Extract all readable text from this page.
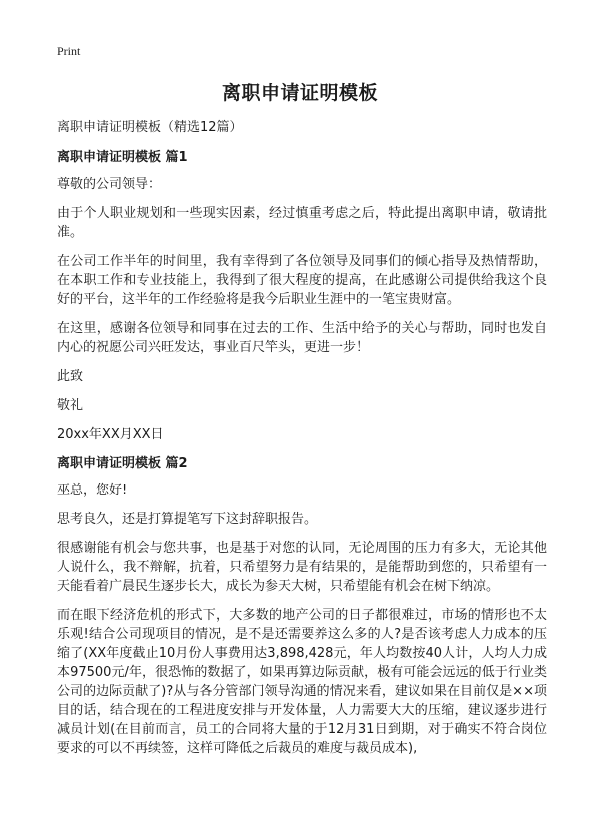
Print
离职申请证明模板

离职申请证明模板（精选12篇）

离职申请证明模板 篇1

尊敬的公司领导：

由于个人职业规划和一些现实因素，经过慎重考虑之后，特此提出离职申请，敬请批准。

在公司工作半年的时间里，我有幸得到了各位领导及同事们的倾心指导及热情帮助，在本职工作和专业技能上，我得到了很大程度的提高，在此感谢公司提供给我这个良好的平台，这半年的工作经验将是我今后职业生涯中的一笔宝贵财富。

在这里，感谢各位领导和同事在过去的工作、生活中给予的关心与帮助，同时也发自内心的祝愿公司兴旺发达，事业百尺竿头，更进一步！

此致

敬礼

20xx年XX月XX日

离职申请证明模板 篇2

巫总，您好!

思考良久，还是打算提笔写下这封辞职报告。

很感谢能有机会与您共事，也是基于对您的认同，无论周围的压力有多大，无论其他人说什么，我不辩解，抗着，只希望努力是有结果的，是能帮助到您的，只希望有一天能看着广晨民生逐步长大，成长为参天大树，只希望能有机会在树下纳凉。

而在眼下经济危机的形式下，大多数的地产公司的日子都很难过，市场的情形也不太乐观!结合公司现项目的情况，是不是还需要养这么多的人?是否该考虑人力成本的压缩了(XX年度截止10月份人事费用达3,898,428元，年人均数按40人计，人均人力成本97500元/年，很恐怖的数据了，如果再算边际贡献，极有可能会远远的低于行业类公司的边际贡献了)?从与各分管部门领导沟通的情况来看，建议如果在目前仅是××项目的话，结合现在的工程进度安排与开发体量，人力需要大大的压缩，建议逐步进行减员计划(在目前而言，员工的合同将大量的于12月31日到期，对于确实不符合岗位要求的可以不再续签，这样可降低之后裁员的难度与裁员成本),
